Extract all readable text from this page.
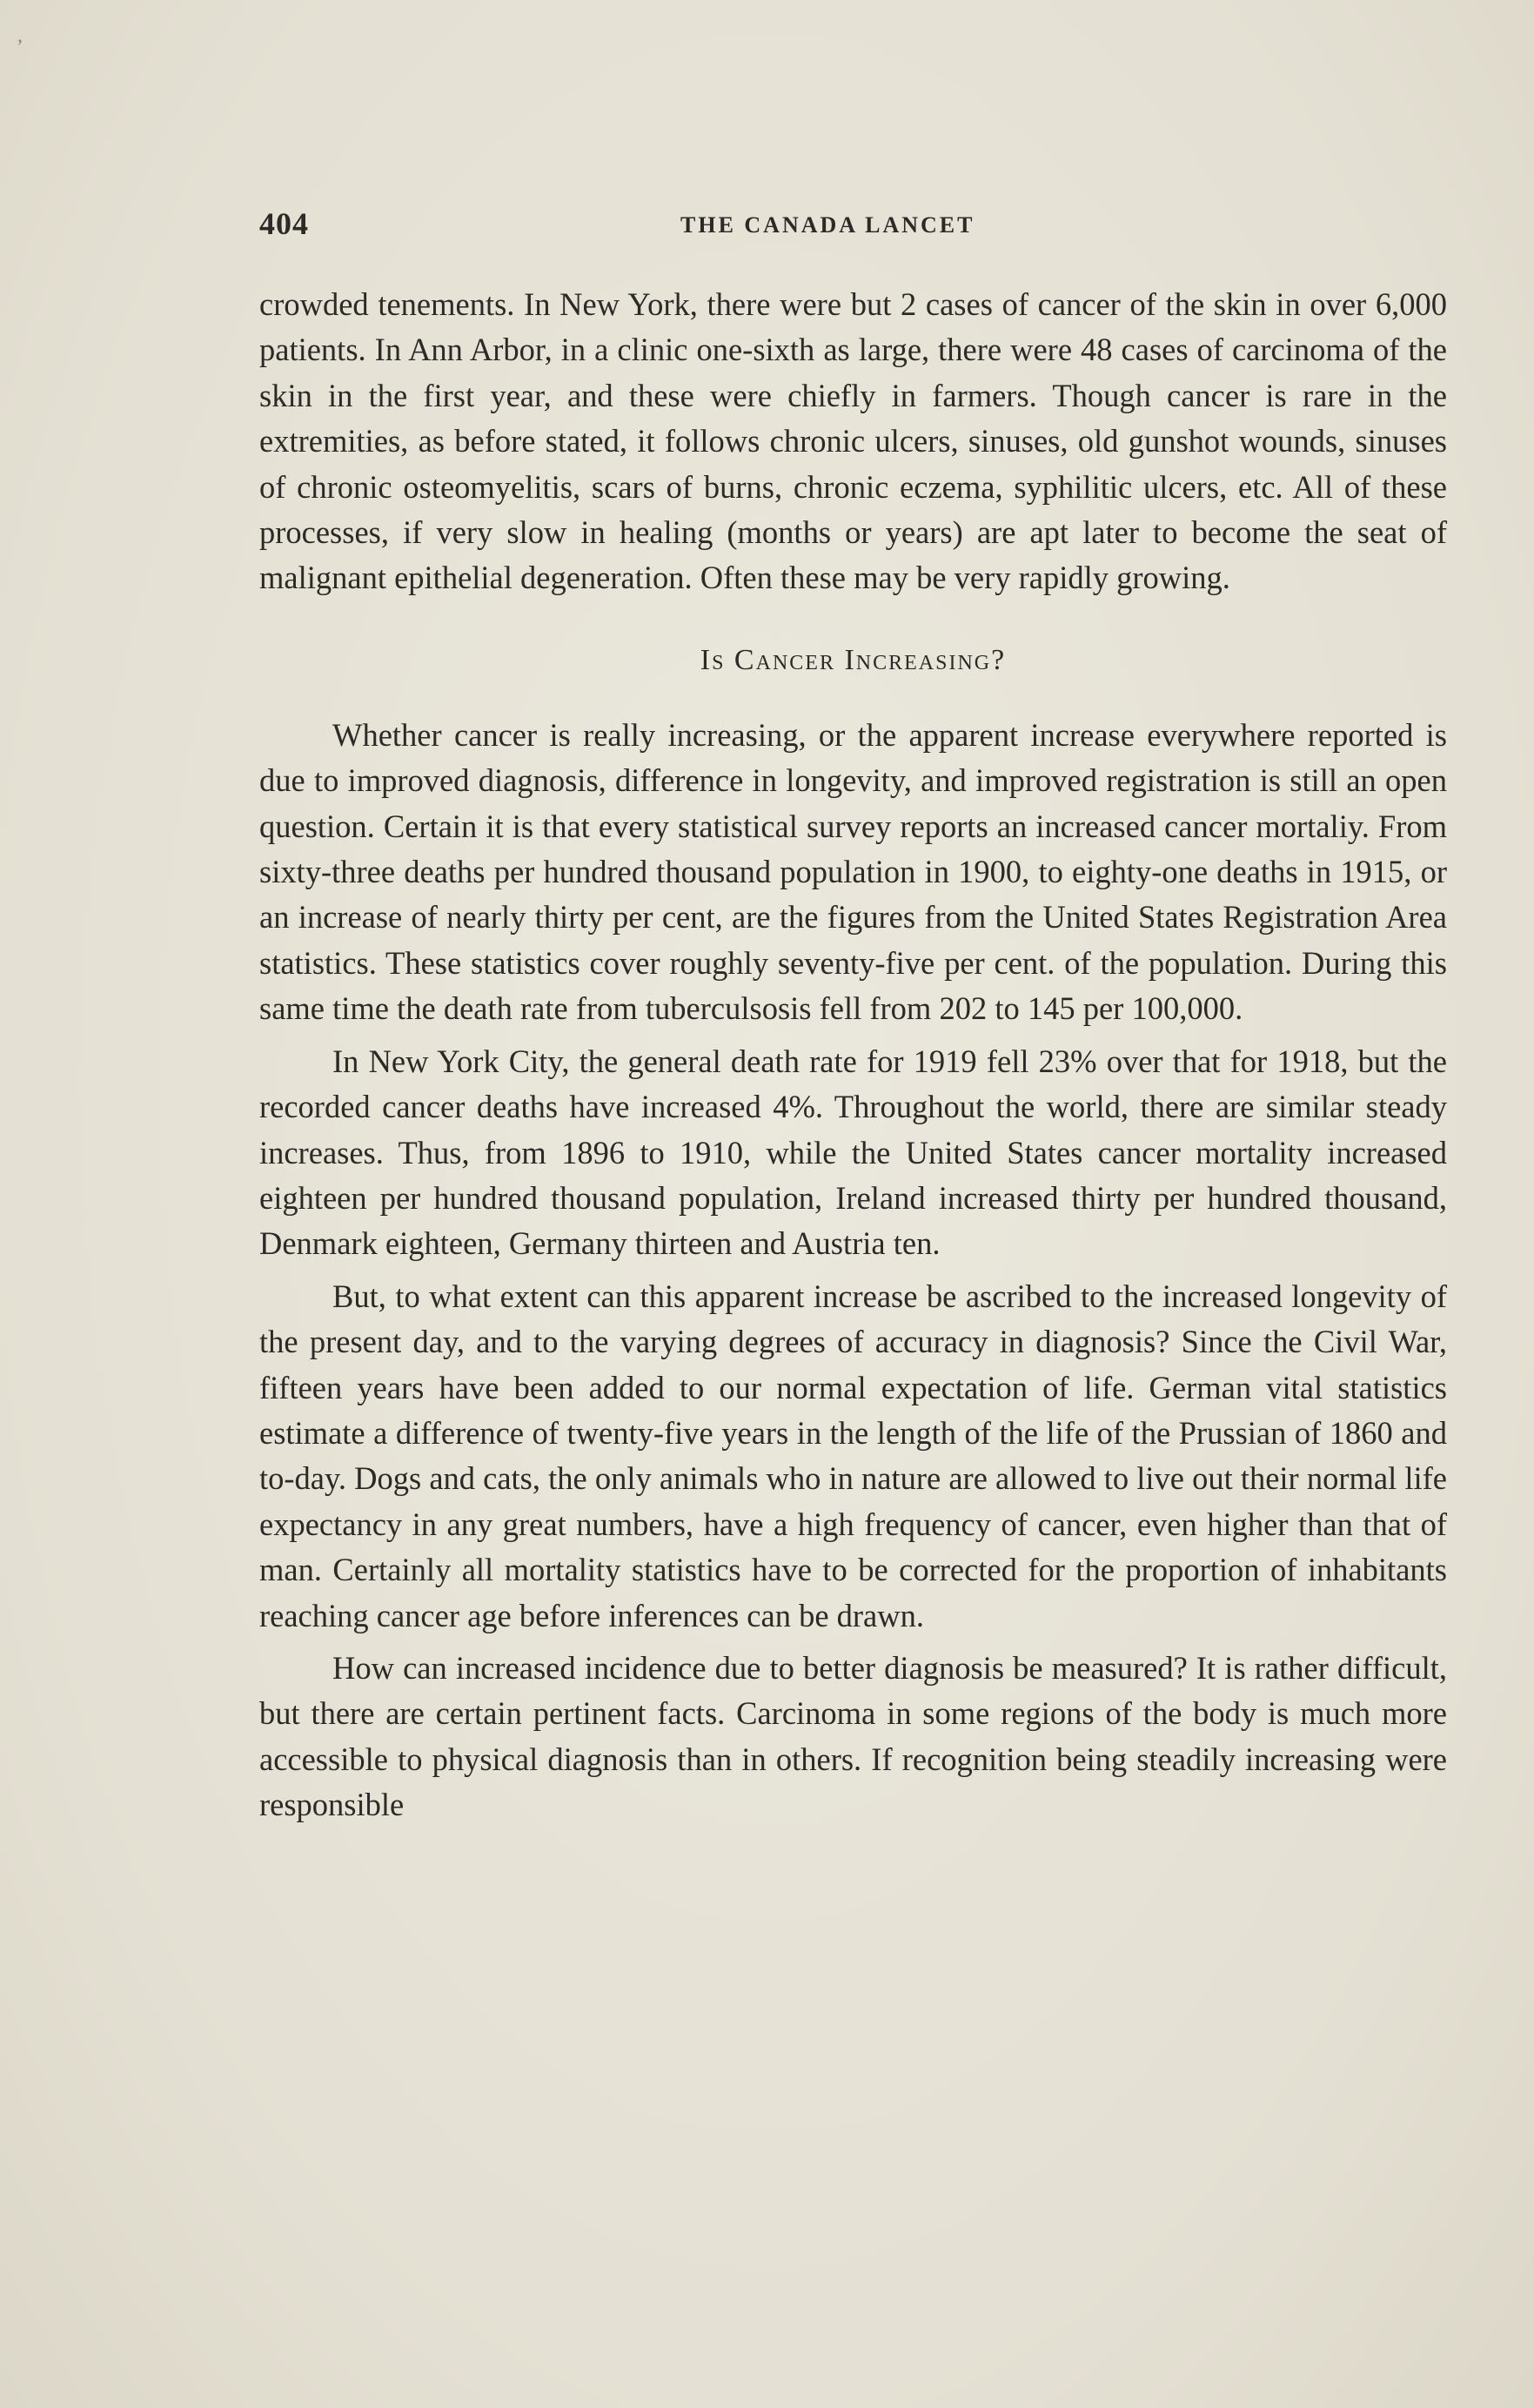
,
404	THE CANADA LANCET

crowded tenements. In New York, there were but 2 cases of cancer of the skin in over 6,000 patients. In Ann Arbor, in a clinic one-sixth as large, there were 48 cases of carcinoma of the skin in the first year, and these were chiefly in farmers. Though cancer is rare in the extremities, as before stated, it follows chronic ulcers, sinuses, old gunshot wounds, sinuses of chronic osteomyelitis, scars of burns, chronic eczema, syphilitic ulcers, etc. All of these processes, if very slow in healing (months or years) are apt later to become the seat of malignant epithelial degeneration. Often these may be very rapidly growing.

Is Cancer Increasing?

Whether cancer is really increasing, or the apparent increase everywhere reported is due to improved diagnosis, difference in longevity, and improved registration is still an open question. Certain it is that every statistical survey reports an increased cancer mortaliy. From sixty-three deaths per hundred thousand population in 1900, to eighty-one deaths in 1915, or an increase of nearly thirty per cent, are the figures from the United States Registration Area statistics. These statistics cover roughly seventy-five per cent. of the population. During this same time the death rate from tuberculsosis fell from 202 to 145 per 100,000.

In New York City, the general death rate for 1919 fell 23% over that for 1918, but the recorded cancer deaths have increased 4%. Throughout the world, there are similar steady increases. Thus, from 1896 to 1910, while the United States cancer mortality increased eighteen per hundred thousand population, Ireland increased thirty per hundred thousand, Denmark eighteen, Germany thirteen and Austria ten.

But, to what extent can this apparent increase be ascribed to the increased longevity of the present day, and to the varying degrees of accuracy in diagnosis? Since the Civil War, fifteen years have been added to our normal expectation of life. German vital statistics estimate a difference of twenty-five years in the length of the life of the Prussian of 1860 and to-day. Dogs and cats, the only animals who in nature are allowed to live out their normal life expectancy in any great numbers, have a high frequency of cancer, even higher than that of man. Certainly all mortality statistics have to be corrected for the proportion of inhabitants reaching cancer age before inferences can be drawn.

How can increased incidence due to better diagnosis be measured? It is rather difficult, but there are certain pertinent facts. Carcinoma in some regions of the body is much more accessible to physical diagnosis than in others. If recognition being steadily increasing were responsible
